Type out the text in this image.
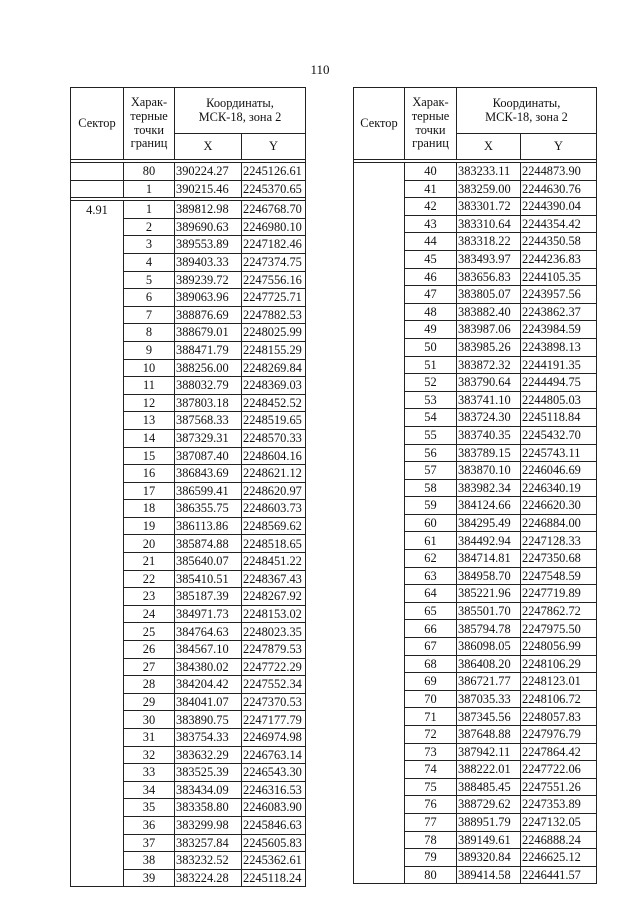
110
Сектор	Харак-
терные
точки
границ	Координаты,
МСК-18, зона 2	
		X	Y

	80	390224.27	2245126.61
	1	390215.46	2245370.65

4.91	1	389812.98	2246768.70
	2	389690.63	2246980.10
	3	389553.89	2247182.46
	4	389403.33	2247374.75
	5	389239.72	2247556.16
	6	389063.96	2247725.71
	7	388876.69	2247882.53
	8	388679.01	2248025.99
	9	388471.79	2248155.29
	10	388256.00	2248269.84
	11	388032.79	2248369.03
	12	387803.18	2248452.52
	13	387568.33	2248519.65
	14	387329.31	2248570.33
	15	387087.40	2248604.16
	16	386843.69	2248621.12
	17	386599.41	2248620.97
	18	386355.75	2248603.73
	19	386113.86	2248569.62
	20	385874.88	2248518.65
	21	385640.07	2248451.22
	22	385410.51	2248367.43
	23	385187.39	2248267.92
	24	384971.73	2248153.02
	25	384764.63	2248023.35
	26	384567.10	2247879.53
	27	384380.02	2247722.29
	28	384204.42	2247552.34
	29	384041.07	2247370.53
	30	383890.75	2247177.79
	31	383754.33	2246974.98
	32	383632.29	2246763.14
	33	383525.39	2246543.30
	34	383434.09	2246316.53
	35	383358.80	2246083.90
	36	383299.98	2245846.63
	37	383257.84	2245605.83
	38	383232.52	2245362.61
	39	383224.28	2245118.24
Сектор	Харак-
терные
точки
границ	Координаты,
МСК-18, зона 2	
		X	Y

	40	383233.11	2244873.90
	41	383259.00	2244630.76
	42	383301.72	2244390.04
	43	383310.64	2244354.42
	44	383318.22	2244350.58
	45	383493.97	2244236.83
	46	383656.83	2244105.35
	47	383805.07	2243957.56
	48	383882.40	2243862.37
	49	383987.06	2243984.59
	50	383985.26	2243898.13
	51	383872.32	2244191.35
	52	383790.64	2244494.75
	53	383741.10	2244805.03
	54	383724.30	2245118.84
	55	383740.35	2245432.70
	56	383789.15	2245743.11
	57	383870.10	2246046.69
	58	383982.34	2246340.19
	59	384124.66	2246620.30
	60	384295.49	2246884.00
	61	384492.94	2247128.33
	62	384714.81	2247350.68
	63	384958.70	2247548.59
	64	385221.96	2247719.89
	65	385501.70	2247862.72
	66	385794.78	2247975.50
	67	386098.05	2248056.99
	68	386408.20	2248106.29
	69	386721.77	2248123.01
	70	387035.33	2248106.72
	71	387345.56	2248057.83
	72	387648.88	2247976.79
	73	387942.11	2247864.42
	74	388222.01	2247722.06
	75	388485.45	2247551.26
	76	388729.62	2247353.89
	77	388951.79	2247132.05
	78	389149.61	2246888.24
	79	389320.84	2246625.12
	80	389414.58	2246441.57
